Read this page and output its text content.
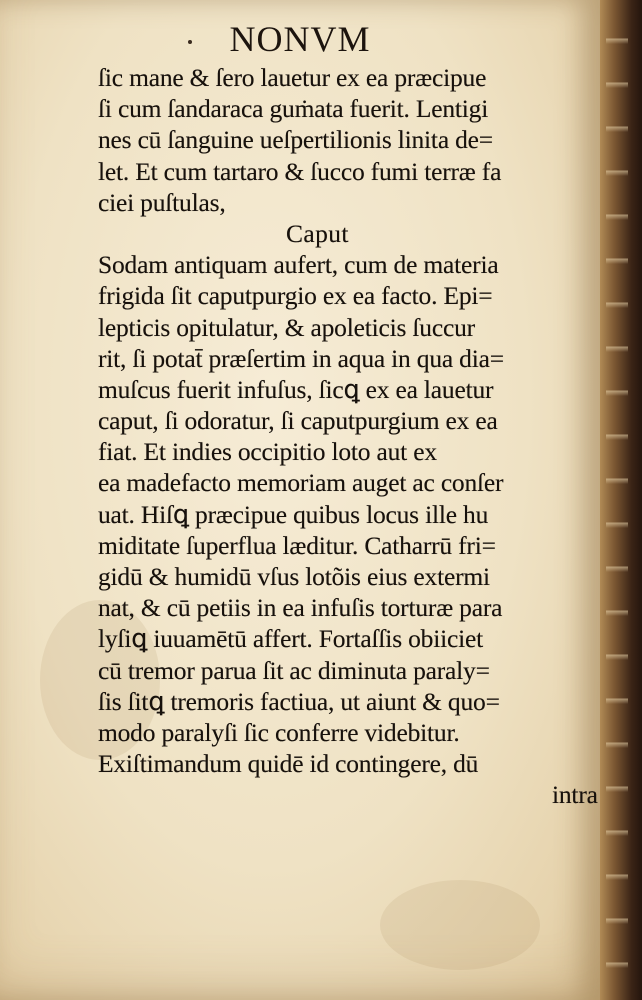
NONVM
ſic mane & ſero lauetur ex ea præcipue
ſi cum ſandaraca guṁata fuerit. Lentigi
nes cū ſanguine ueſpertilionis linita de=
let. Et cum tartaro & ſucco fumi terræ fa
ciei puſtulas,
Caput
Sodam antiquam aufert, cum de materia
frigida ſit caputpurgio ex ea facto. Epi=
lepticis opitulatur, & apoleticis ſuccur
rit, ſi potat̄ præſertim in aqua in qua dia=
muſcus fuerit infuſus, ſicꝗ ex ea lauetur
caput, ſi odoratur, ſi caputpurgium ex ea
fiat. Et indies occipitio loto aut ex
ea madefacto memoriam auget ac conſer
uat. Hiſꝗ præcipue quibus locus ille hu
miditate ſuperflua læditur. Catharrū fri=
gidū & humidū vſus lotõis eius extermi
nat, & cū petiis in ea infuſis torturæ para
lyſiꝗ iuuamētū affert. Fortaſſis obiiciet
cū tremor parua ſit ac diminuta paraly=
ſis ſitꝗ tremoris factiua, ut aiunt & quo=
modo paralyſi ſic conferre videbitur.
Exiſtimandum quidē id contingere, dū
intra
